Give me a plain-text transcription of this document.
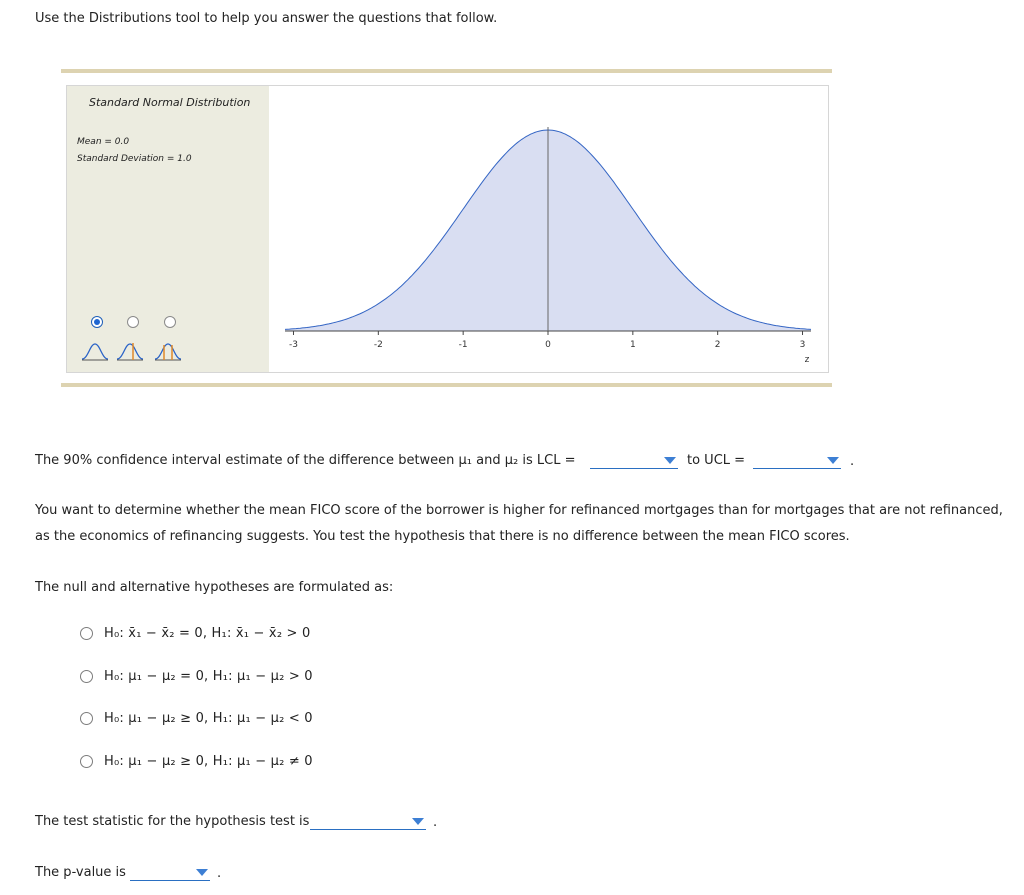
Use the Distributions tool to help you answer the questions that follow.
Standard Normal Distribution
Mean = 0.0
Standard Deviation = 1.0
-3	-2	-1	0	1	2	3
z
The 90% confidence interval estimate of the difference between μ₁ and μ₂ is LCL =	to UCL =	.
You want to determine whether the mean FICO score of the borrower is higher for refinanced mortgages than for mortgages that are not refinanced,
as the economics of refinancing suggests. You test the hypothesis that there is no difference between the mean FICO scores.
The null and alternative hypotheses are formulated as:
H₀: x̄₁ − x̄₂ = 0, H₁: x̄₁ − x̄₂ > 0
H₀: μ₁ − μ₂ = 0, H₁: μ₁ − μ₂ > 0
H₀: μ₁ − μ₂ ≥ 0, H₁: μ₁ − μ₂ < 0
H₀: μ₁ − μ₂ ≥ 0, H₁: μ₁ − μ₂ ≠ 0
The test statistic for the hypothesis test is	.
The p-value is	.
